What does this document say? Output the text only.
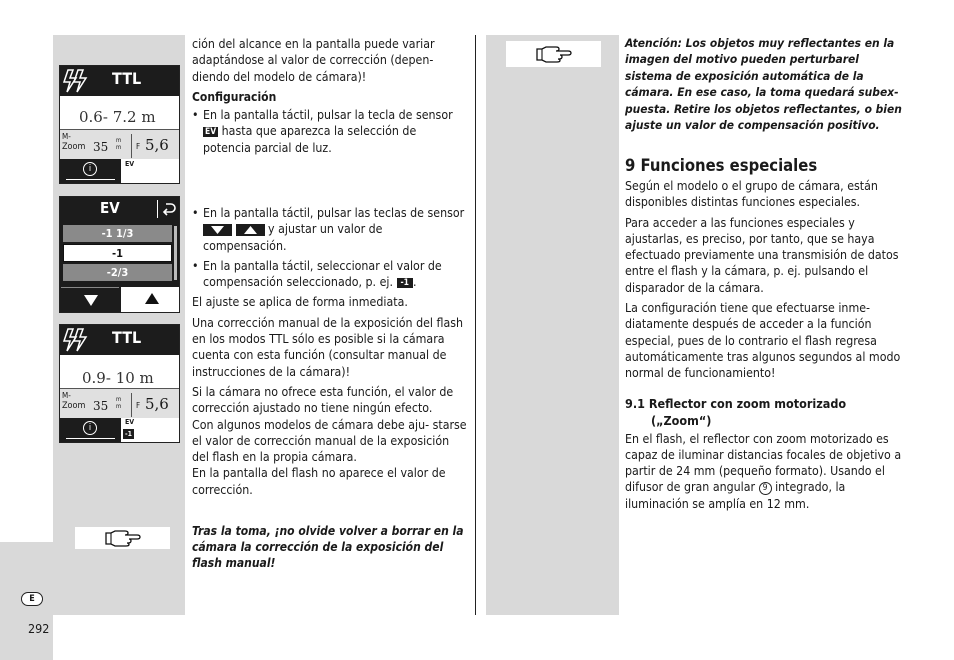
E
292
TTL
0.6- 7.2 m
M-
Zoom 35 m
m F 5,6
i	EV
EV
-1 1/3
-1
-2/3
TTL
0.9- 10 m
M-
Zoom 35 m
m F 5,6
i
EV
-1

ción del alcance en la pantalla puede variar adaptándose al valor de corrección (depen- diendo del modelo de cámara)!

Configuración

• En la pantalla táctil, pulsar la tecla de sensor EV hasta que aparezca la selección de potencia parcial de luz.
• En la pantalla táctil, pulsar las teclas de sensor

y ajustar un valor de compensación.
• En la pantalla táctil, seleccionar el valor de compensación seleccionado, p. ej. -1 .

El ajuste se aplica de forma inmediata.

Una corrección manual de la exposición del flash en los modos TTL sólo es posible si la cámara cuenta con esta función (consultar manual de instrucciones de la cámara)!

Si la cámara no ofrece esta función, el valor de corrección ajustado no tiene ningún efecto.

Con algunos modelos de cámara debe aju- starse el valor de corrección manual de la exposición del flash en la propia cámara.

En la pantalla del flash no aparece el valor de corrección.

Tras la toma, ¡no olvide volver a borrar en la cámara la corrección de la exposición del flash manual!
Atención: Los objetos muy reflectantes en la imagen del motivo pueden perturbarel sistema de exposición automática de la cámara. En ese caso, la toma quedará subex- puesta. Retire los objetos reflectantes, o bien ajuste un valor de compensación positivo.
9 Funciones especiales

Según el modelo o el grupo de cámara, están disponibles distintas funciones especiales.

Para acceder a las funciones especiales y ajustarlas, es preciso, por tanto, que se haya efectuado previamente una transmisión de datos entre el flash y la cámara, p. ej. pulsando el disparador de la cámara.

La configuración tiene que efectuarse inme- diatamente después de acceder a la función especial, pues de lo contrario el flash regresa automáticamente tras algunos segundos al modo normal de funcionamiento!

9.1 Reflector con zoom motorizado
(„Zoom“)

En el flash, el reflector con zoom motorizado es capaz de iluminar distancias focales de objetivo a partir de 24 mm (pequeño formato). Usando el difusor de gran angular 9 integrado, la iluminación se amplía en 12 mm.
